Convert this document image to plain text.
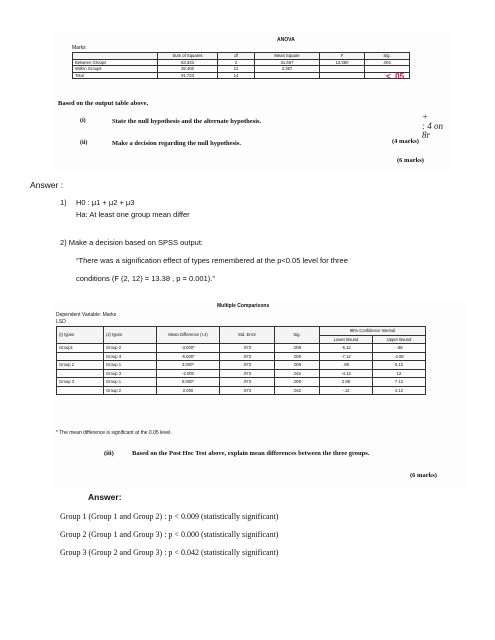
ANOVA
Marks
	Sum of Squares	df	Mean Square	F	Sig.
Between Groups	63.333	2	31.667	13.380	.001
Within Groups	28.400	12	2.367		
Total	91.733	14				< .05
Based on the output table above,
(i)	State the null hypothesis and the alternate hypothesis.
(ii)	Make a decision regarding the null hypothesis.
+
: 4 on 8r
(4 marks)
(6 marks)
Answer :
1) H0 : μ1 + μ2 + μ3
Ha: At least one group mean differ
2) Make a decision based on SPSS output:
“There was a signification effect of types remembered at the p<0.05 level for three
conditions (F (2, 12) = 13.38 , p = 0.001).”
Multiple Comparisons
Dependent Variable: Marks
LSD
(I) types	(J) types	Mean Difference (I-J)	Std. Error	Sig.	95% Confidence Interval	
					Lower Bound	Upper Bound
Group1	Group 2	-3.000*	.973	.009	-5.12	-.88
	Group 3	-5.000*	.973	.000	-7.12	-2.88
Group 2	Group 1	3.000*	.973	.009	.88	5.12
	Group 3	-2.000	.973	.042	-4.12	12
Group 3	Group 1	5.000*	.973	.000	2.88	7.12
	Group 2	2.000	.973	.042	-.12	4.12
* The mean difference is significant at the 0.05 level.
(iii)	Based on the Post Hoc Test above, explain mean differences between the three groups.
(6 marks)
Answer:
Group 1 (Group 1 and Group 2) : p < 0.009 (statistically significant)
Group 2 (Group 1 and Group 3) : p < 0.000 (statistically significant)
Group 3 (Group 2 and Group 3) : p < 0.042 (statistically significant)
